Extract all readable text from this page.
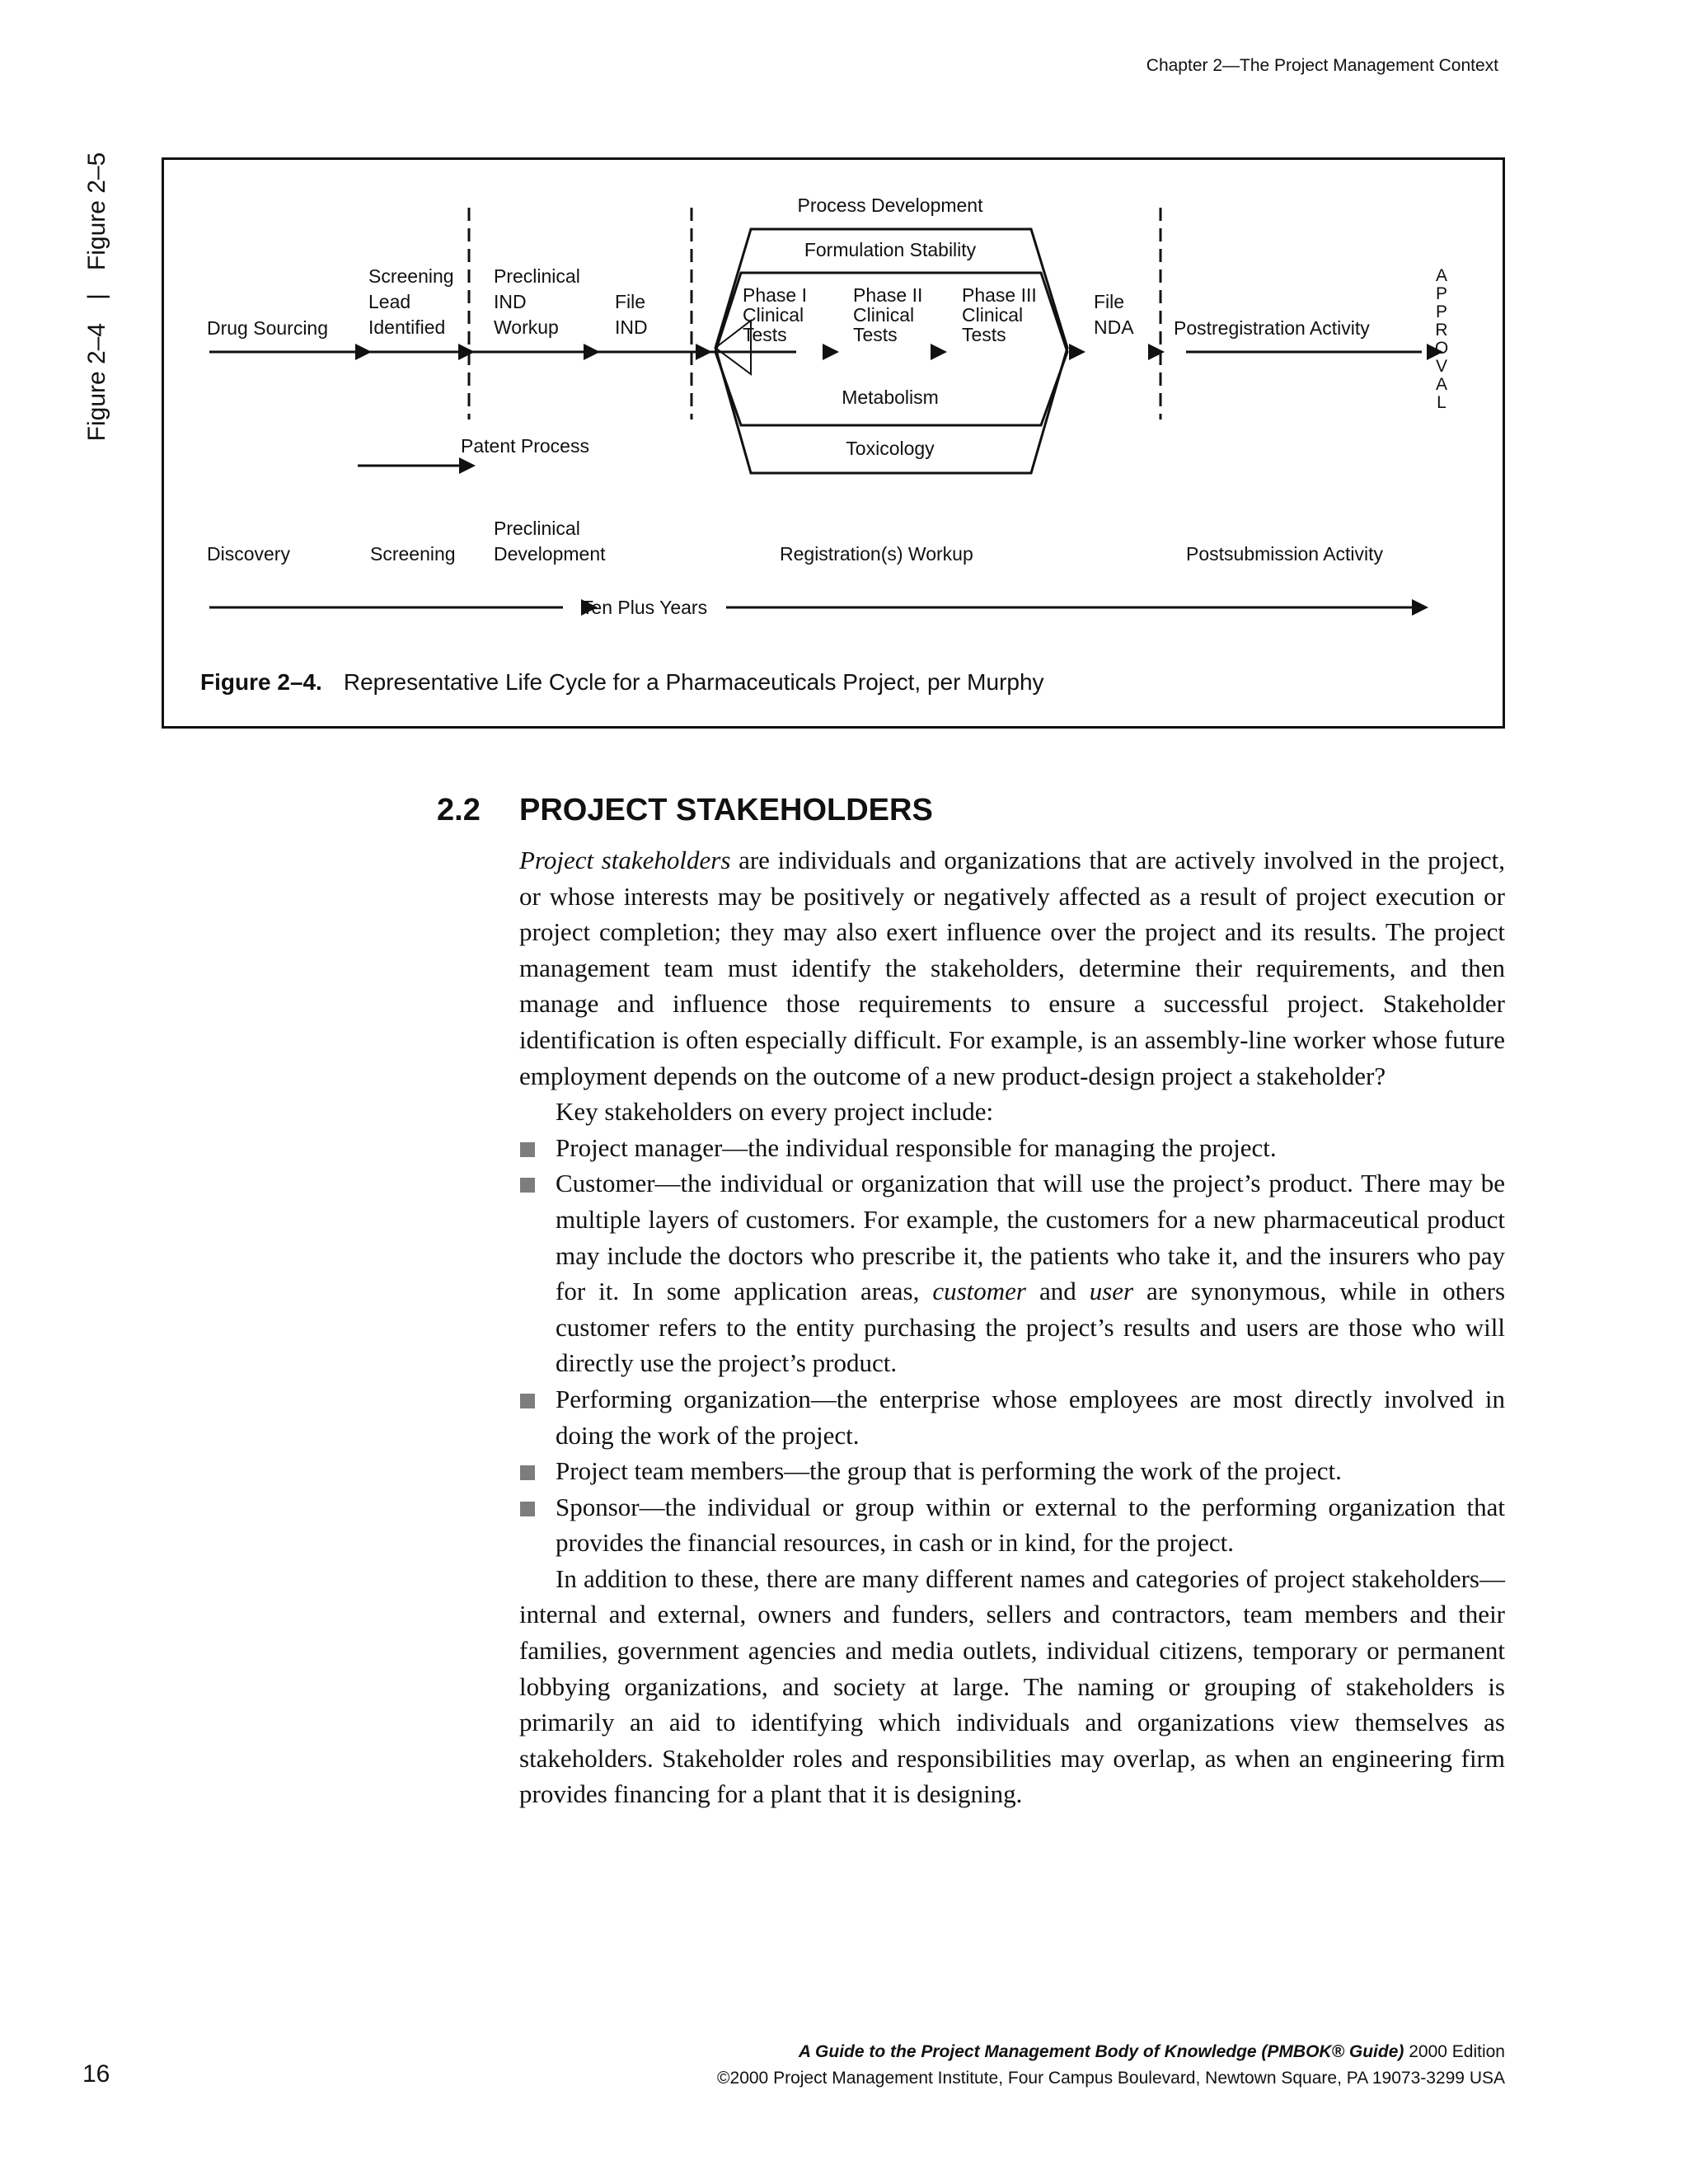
Chapter 2—The Project Management Context
Figure 2–4|Figure 2–5
Drug Sourcing
Screening
Lead
Identified
Preclinical
IND
Workup
File
IND
Process Development
Formulation Stability
Phase I
Clinical
Tests
Phase II
Clinical
Tests
Phase III
Clinical
Tests
Metabolism
Toxicology
File
NDA Postregistration Activity
Patent Process
A P P R O V A L
Discovery	Screening
Preclinical
Development	Registration(s) Workup	Postsubmission Activity
Ten Plus Years
Figure 2–4. Representative Life Cycle for a Pharmaceuticals Project, per Murphy
2.2 PROJECT STAKEHOLDERS

Project stakeholders are individuals and organizations that are actively involved in the project, or whose interests may be positively or negatively affected as a result of project execution or project completion; they may also exert influence over the project and its results. The project management team must identify the stakeholders, determine their requirements, and then manage and influence those requirements to ensure a successful project. Stakeholder identification is often especially difficult. For example, is an assembly-line worker whose future employment depends on the outcome of a new product-design project a stakeholder?

Key stakeholders on every project include:

Project manager—the individual responsible for managing the project.
Customer—the individual or organization that will use the project’s product. There may be multiple layers of customers. For example, the customers for a new pharmaceutical product may include the doctors who prescribe it, the patients who take it, and the insurers who pay for it. In some application areas, customer and user are synonymous, while in others customer refers to the entity purchasing the project’s results and users are those who will directly use the project’s product.
Performing organization—the enterprise whose employees are most directly involved in doing the work of the project.
Project team members—the group that is performing the work of the project.
Sponsor—the individual or group within or external to the performing organization that provides the financial resources, in cash or in kind, for the project.

In addition to these, there are many different names and categories of project stakeholders—internal and external, owners and funders, sellers and contractors, team members and their families, government agencies and media outlets, individual citizens, temporary or permanent lobbying organizations, and society at large. The naming or grouping of stakeholders is primarily an aid to identifying which individuals and organizations view themselves as stakeholders. Stakeholder roles and responsibilities may overlap, as when an engineering firm provides financing for a plant that it is designing.

16
A Guide to the Project Management Body of Knowledge (PMBOK® Guide) 2000 Edition
©2000 Project Management Institute, Four Campus Boulevard, Newtown Square, PA 19073-3299 USA
